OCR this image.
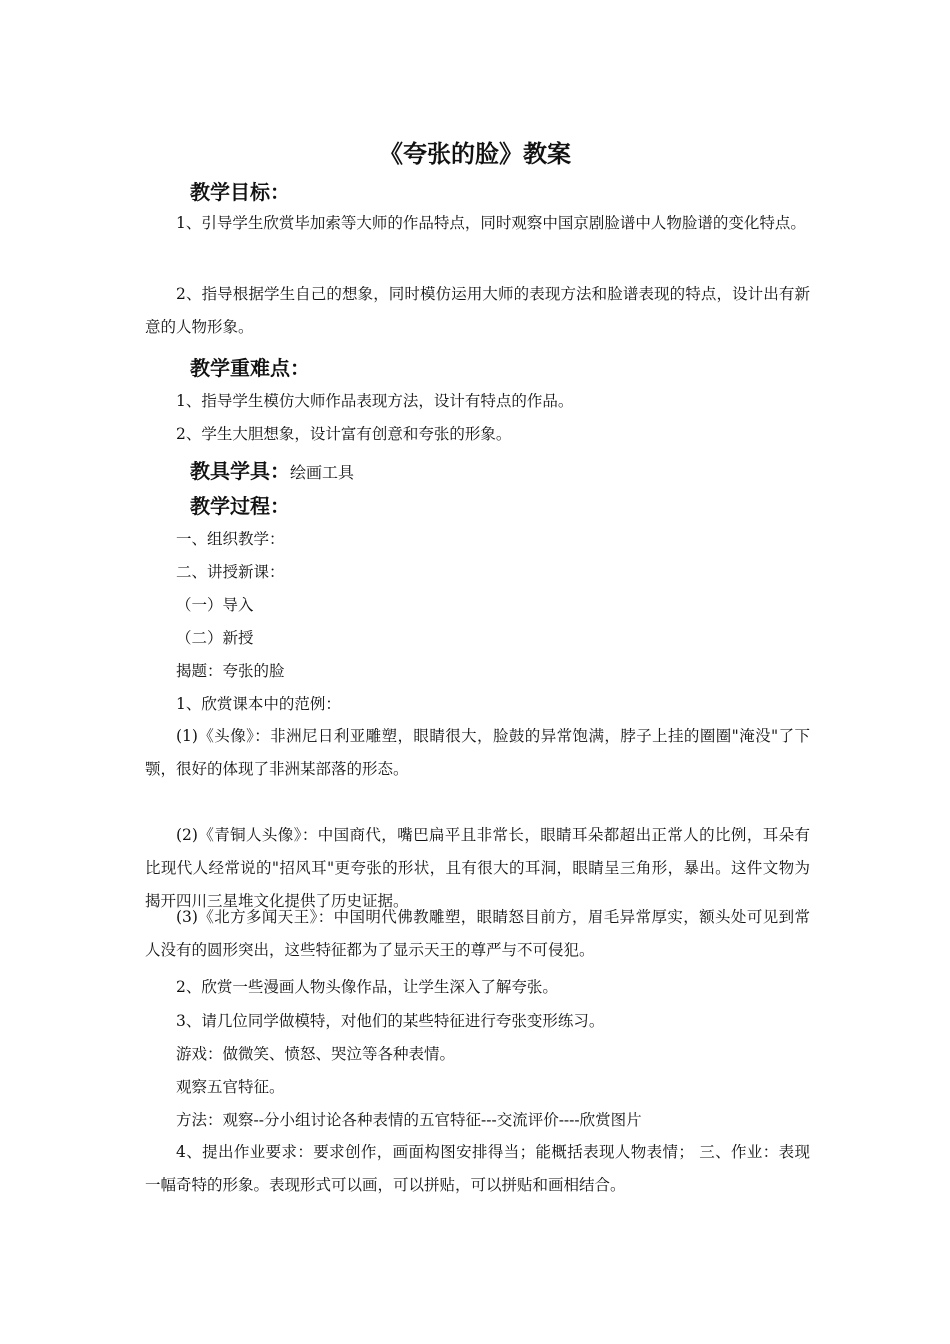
《夸张的脸》教案
教学目标：

1、引导学生欣赏毕加索等大师的作品特点，同时观察中国京剧脸谱中人物脸谱的变化特点。

2、指导根据学生自己的想象，同时模仿运用大师的表现方法和脸谱表现的特点，设计出有新意的人物形象。

教学重难点：
1、指导学生模仿大师作品表现方法，设计有特点的作品。
2、学生大胆想象，设计富有创意和夸张的形象。
教具学具：绘画工具
教学过程：
一、组织教学：
二、讲授新课：
（一）导入
（二）新授
揭题：夸张的脸
1、欣赏课本中的范例：

(1)《头像》：非洲尼日利亚雕塑，眼睛很大，脸鼓的异常饱满，脖子上挂的圈圈"淹没"了下颚，很好的体现了非洲某部落的形态。

(2)《青铜人头像》：中国商代，嘴巴扁平且非常长，眼睛耳朵都超出正常人的比例，耳朵有比现代人经常说的"招风耳"更夸张的形状，且有很大的耳洞，眼睛呈三角形，暴出。这件文物为揭开四川三星堆文化提供了历史证据。

(3)《北方多闻天王》：中国明代佛教雕塑，眼睛怒目前方，眉毛异常厚实，额头处可见到常人没有的圆形突出，这些特征都为了显示天王的尊严与不可侵犯。

2、欣赏一些漫画人物头像作品，让学生深入了解夸张。
3、请几位同学做模特，对他们的某些特征进行夸张变形练习。
游戏：做微笑、愤怒、哭泣等各种表情。
观察五官特征。
方法：观察--分小组讨论各种表情的五官特征---交流评价----欣赏图片

4、提出作业要求：要求创作，画面构图安排得当；能概括表现人物表情； 三、作业：表现一幅奇特的形象。表现形式可以画，可以拼贴，可以拼贴和画相结合。
